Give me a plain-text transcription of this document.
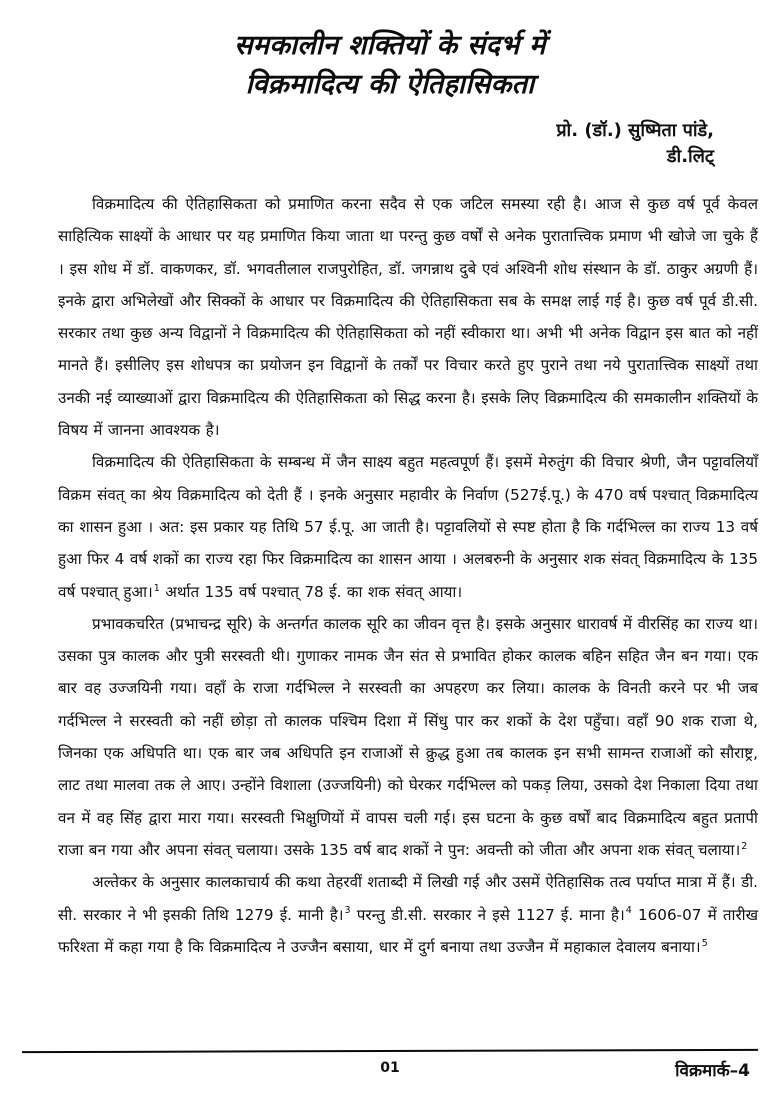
समकालीन शक्तियों के संदर्भ में
विक्रमादित्य की ऐतिहासिकता
प्रो. (डॉ.) सुष्मिता पांडे,
डी.लिट्

विक्रमादित्य की ऐतिहासिकता को प्रमाणित करना सदैव से एक जटिल समस्या रही है। आज से कुछ वर्ष पूर्व केवल साहित्यिक साक्ष्यों के आधार पर यह प्रमाणित किया जाता था परन्तु कुछ वर्षों से अनेक पुरातात्त्विक प्रमाण भी खोजे जा चुके हैं । इस शोध में डॉ. वाकणकर, डॉ. भगवतीलाल राजपुरोहित, डॉ. जगन्नाथ दुबे एवं अश्विनी शोध संस्थान के डॉ. ठाकुर अग्रणी हैं। इनके द्वारा अभिलेखों और सिक्कों के आधार पर विक्रमादित्य की ऐतिहासिकता सब के समक्ष लाई गई है। कुछ वर्ष पूर्व डी.सी. सरकार तथा कुछ अन्य विद्वानों ने विक्रमादित्य की ऐतिहासिकता को नहीं स्वीकारा था। अभी भी अनेक विद्वान इस बात को नहीं मानते हैं। इसीलिए इस शोधपत्र का प्रयोजन इन विद्वानों के तर्कों पर विचार करते हुए पुराने तथा नये पुरातात्त्विक साक्ष्यों तथा उनकी नई व्याख्याओं द्वारा विक्रमादित्य की ऐतिहासिकता को सिद्ध करना है। इसके लिए विक्रमादित्य की समकालीन शक्तियों के विषय में जानना आवश्यक है।

विक्रमादित्य की ऐतिहासिकता के सम्बन्ध में जैन साक्ष्य बहुत महत्वपूर्ण हैं। इसमें मेरुतुंग की विचार श्रेणी, जैन पट्टावलियाँ विक्रम संवत् का श्रेय विक्रमादित्य को देती हैं । इनके अनुसार महावीर के निर्वाण (527ई.पू.) के 470 वर्ष पश्चात् विक्रमादित्य का शासन हुआ । अत: इस प्रकार यह तिथि 57 ई.पू. आ जाती है। पट्टावलियों से स्पष्ट होता है कि गर्दभिल्ल का राज्य 13 वर्ष हुआ फिर 4 वर्ष शकों का राज्य रहा फिर विक्रमादित्य का शासन आया । अलबरुनी के अनुसार शक संवत् विक्रमादित्य के 135 वर्ष पश्चात् हुआ।$^1$ अर्थात 135 वर्ष पश्चात् 78 ई. का शक संवत् आया।

प्रभावकचरित (प्रभाचन्द्र सूरि) के अन्तर्गत कालक सूरि का जीवन वृत्त है। इसके अनुसार धारावर्ष में वीरसिंह का राज्य था। उसका पुत्र कालक और पुत्री सरस्वती थी। गुणाकर नामक जैन संत से प्रभावित होकर कालक बहिन सहित जैन बन गया। एक बार वह उज्जयिनी गया। वहाँ के राजा गर्दभिल्ल ने सरस्वती का अपहरण कर लिया। कालक के विनती करने पर भी जब गर्दभिल्ल ने सरस्वती को नहीं छोड़ा तो कालक पश्चिम दिशा में सिंधु पार कर शकों के देश पहुँचा। वहाँ 90 शक राजा थे, जिनका एक अधिपति था। एक बार जब अधिपति इन राजाओं से क्रुद्ध हुआ तब कालक इन सभी सामन्त राजाओं को सौराष्ट्र, लाट तथा मालवा तक ले आए। उन्होंने विशाला (उज्जयिनी) को घेरकर गर्दभिल्ल को पकड़ लिया, उसको देश निकाला दिया तथा वन में वह सिंह द्वारा मारा गया। सरस्वती भिक्षुणियों में वापस चली गई। इस घटना के कुछ वर्षों बाद विक्रमादित्य बहुत प्रतापी राजा बन गया और अपना संवत् चलाया। उसके 135 वर्ष बाद शकों ने पुन: अवन्ती को जीता और अपना शक संवत् चलाया।$^2$

अल्तेकर के अनुसार कालकाचार्य की कथा तेहरवीं शताब्दी में लिखी गई और उसमें ऐतिहासिक तत्व पर्याप्त मात्रा में हैं। डी. सी. सरकार ने भी इसकी तिथि 1279 ई. मानी है।$^3$ परन्तु डी.सी. सरकार ने इसे 1127 ई. माना है।$^4$ 1606-07 में तारीख फरिश्ता में कहा गया है कि विक्रमादित्य ने उज्जैन बसाया, धार में दुर्ग बनाया तथा उज्जैन में महाकाल देवालय बनाया।$^5$

01	विक्रमार्क–4
